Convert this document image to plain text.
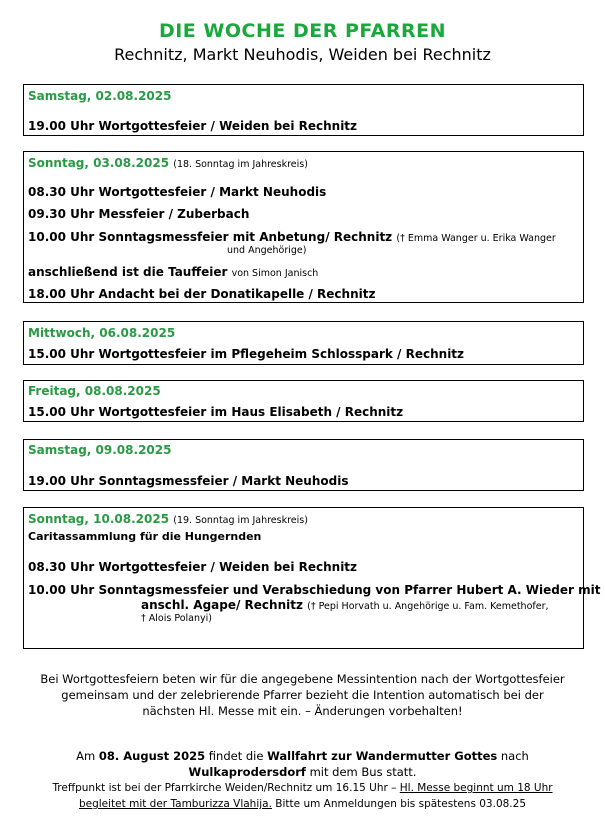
DIE WOCHE DER PFARREN
Rechnitz, Markt Neuhodis, Weiden bei Rechnitz
Samstag, 02.08.2025
19.00 Uhr Wortgottesfeier / Weiden bei Rechnitz
Sonntag, 03.08.2025 (18. Sonntag im Jahreskreis)
08.30 Uhr Wortgottesfeier / Markt Neuhodis
09.30 Uhr Messfeier / Zuberbach
10.00 Uhr Sonntagsmessfeier mit Anbetung/ Rechnitz († Emma Wanger u. Erika Wanger
und Angehörige)
anschließend ist die Tauffeier von Simon Janisch
18.00 Uhr Andacht bei der Donatikapelle / Rechnitz
Mittwoch, 06.08.2025
15.00 Uhr Wortgottesfeier im Pflegeheim Schlosspark / Rechnitz
Freitag, 08.08.2025
15.00 Uhr Wortgottesfeier im Haus Elisabeth / Rechnitz
Samstag, 09.08.2025
19.00 Uhr Sonntagsmessfeier / Markt Neuhodis
Sonntag, 10.08.2025 (19. Sonntag im Jahreskreis)
Caritassammlung für die Hungernden
08.30 Uhr Wortgottesfeier / Weiden bei Rechnitz
10.00 Uhr Sonntagsmessfeier und Verabschiedung von Pfarrer Hubert A. Wieder mit
anschl. Agape/ Rechnitz († Pepi Horvath u. Angehörige u. Fam. Kemethofer,
† Alois Polanyi)
Bei Wortgottesfeiern beten wir für die angegebene Messintention nach der Wortgottesfeier
gemeinsam und der zelebrierende Pfarrer bezieht die Intention automatisch bei der
nächsten Hl. Messe mit ein. – Änderungen vorbehalten!
Am 08. August 2025 findet die Wallfahrt zur Wandermutter Gottes nach
Wulkaprodersdorf mit dem Bus statt.
Treffpunkt ist bei der Pfarrkirche Weiden/Rechnitz um 16.15 Uhr – Hl. Messe beginnt um 18 Uhr
begleitet mit der Tamburizza Vlahija. Bitte um Anmeldungen bis spätestens 03.08.25
